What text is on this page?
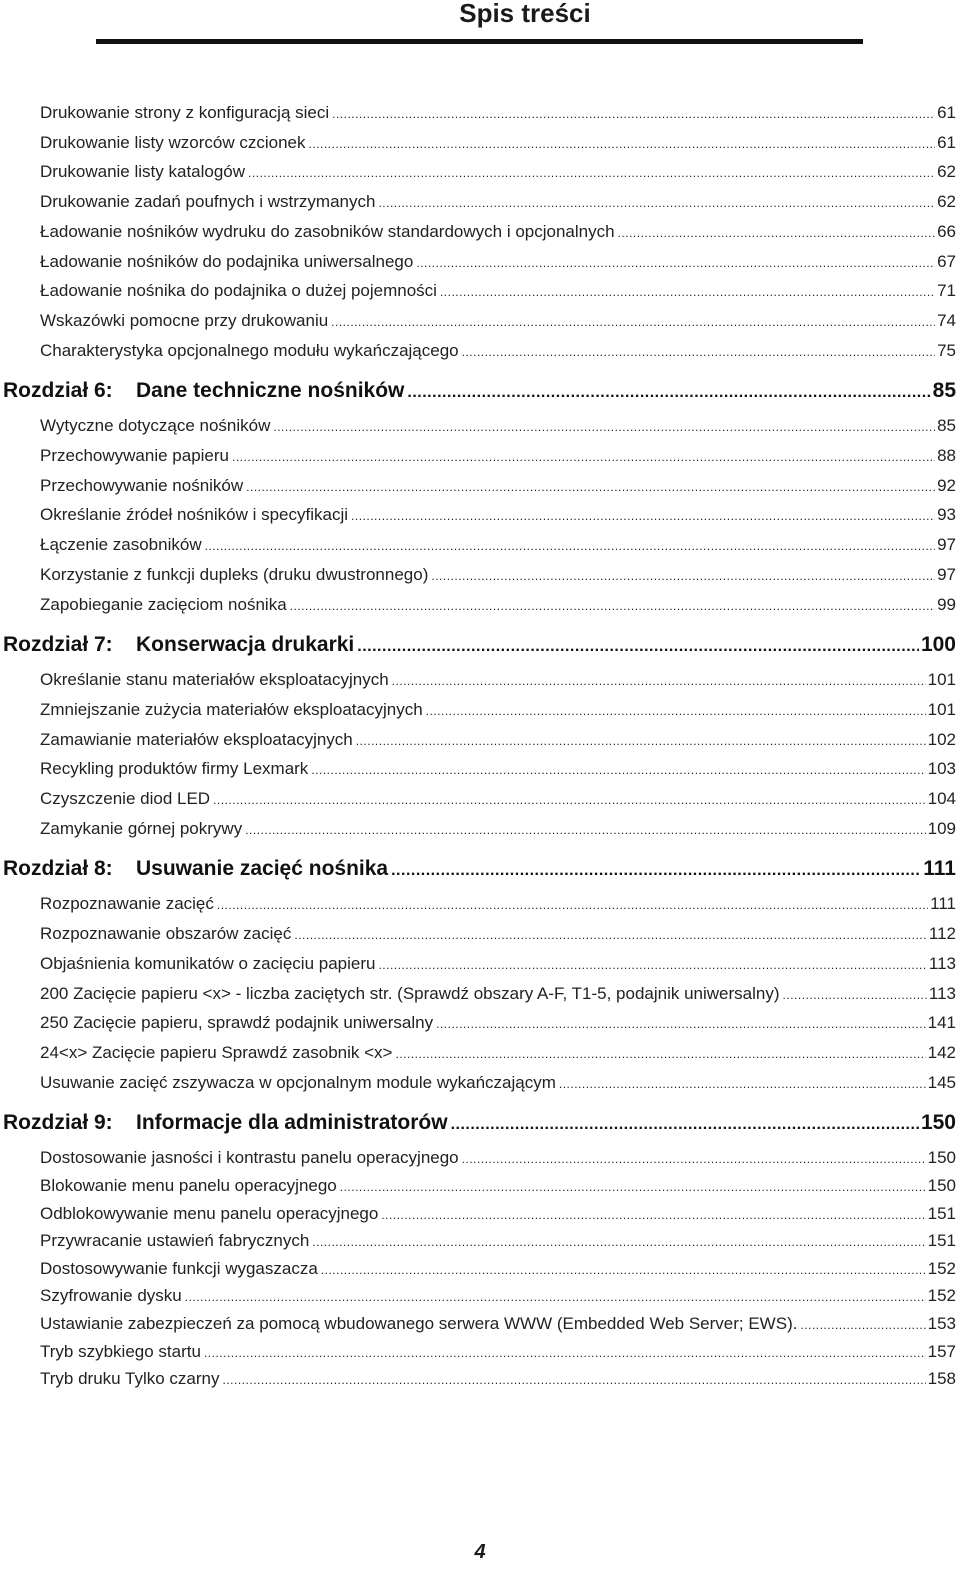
Spis treści
Drukowanie strony z konfiguracją sieci .....	61
Drukowanie listy wzorców czcionek .....	61
Drukowanie listy katalogów .....	62
Drukowanie zadań poufnych i wstrzymanych .....	62
Ładowanie nośników wydruku do zasobników standardowych i opcjonalnych .....	66
Ładowanie nośników do podajnika uniwersalnego .....	67
Ładowanie nośnika do podajnika o dużej pojemności .....	71
Wskazówki pomocne przy drukowaniu .....	74
Charakterystyka opcjonalnego modułu wykańczającego .....	75
Rozdział 6: Dane techniczne nośników .....	85
Wytyczne dotyczące nośników .....	85
Przechowywanie papieru .....	88
Przechowywanie nośników .....	92
Określanie źródeł nośników i specyfikacji .....	93
Łączenie zasobników .....	97
Korzystanie z funkcji dupleks (druku dwustronnego) .....	97
Zapobieganie zacięciom nośnika .....	99
Rozdział 7: Konserwacja drukarki .....	100
Określanie stanu materiałów eksploatacyjnych .....	101
Zmniejszanie zużycia materiałów eksploatacyjnych .....	101
Zamawianie materiałów eksploatacyjnych .....	102
Recykling produktów firmy Lexmark .....	103
Czyszczenie diod LED .....	104
Zamykanie górnej pokrywy .....	109
Rozdział 8: Usuwanie zacięć nośnika .....	111
Rozpoznawanie zacięć .....	111
Rozpoznawanie obszarów zacięć .....	112
Objaśnienia komunikatów o zacięciu papieru .....	113
200 Zacięcie papieru <x> - liczba zaciętych str. (Sprawdź obszary A-F, T1-5, podajnik uniwersalny) .....	113
250 Zacięcie papieru, sprawdź podajnik uniwersalny .....	141
24<x> Zacięcie papieru Sprawdź zasobnik <x> .....	142
Usuwanie zacięć zszywacza w opcjonalnym module wykańczającym .....	145
Rozdział 9: Informacje dla administratorów .....	150
Dostosowanie jasności i kontrastu panelu operacyjnego .....	150
Blokowanie menu panelu operacyjnego .....	150
Odblokowywanie menu panelu operacyjnego .....	151
Przywracanie ustawień fabrycznych .....	151
Dostosowywanie funkcji wygaszacza .....	152
Szyfrowanie dysku .....	152
Ustawianie zabezpieczeń za pomocą wbudowanego serwera WWW (Embedded Web Server; EWS). .....	153
Tryb szybkiego startu .....	157
Tryb druku Tylko czarny .....	158
4
